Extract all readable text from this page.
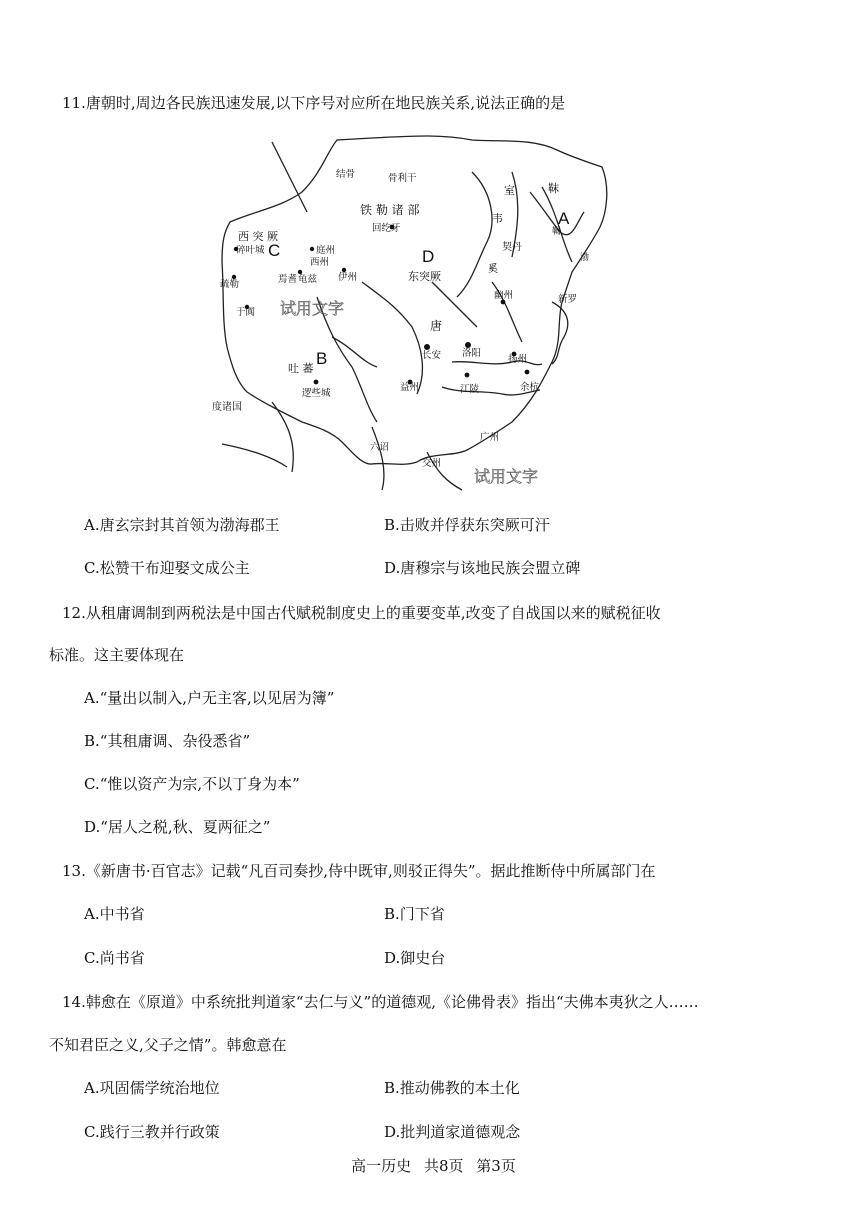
11.唐朝时,周边各民族迅速发展,以下序号对应所在地民族关系,说法正确的是
A
B
C	D
结骨	骨利干
铁 勒 诸 部
回纥牙
室
韦
靺
鞨
西 突 厥
碎叶城	庭州
西州
伊州
龟兹
焉耆
疏勒
于阗
东突厥
奚
契丹
幽州	新罗
唐
长安 洛阳
扬州
江陵	余杭
益州
吐 蕃
逻些城
度诸国
广州
交州
六诏
渤
试用文字
试用文字
A.唐玄宗封其首领为渤海郡王	B.击败并俘获东突厥可汗
C.松赞干布迎娶文成公主	D.唐穆宗与该地民族会盟立碑
12.从租庸调制到两税法是中国古代赋税制度史上的重要变革,改变了自战国以来的赋税征收
标准。这主要体现在
A.“量出以制入,户无主客,以见居为簿”
B.“其租庸调、杂役悉省”
C.“惟以资产为宗,不以丁身为本”
D.“居人之税,秋、夏两征之”
13.《新唐书·百官志》记载“凡百司奏抄,侍中既审,则驳正得失”。据此推断侍中所属部门在
A.中书省	B.门下省
C.尚书省	D.御史台
14.韩愈在《原道》中系统批判道家“去仁与义”的道德观,《论佛骨表》指出“夫佛本夷狄之人……
不知君臣之义,父子之情”。韩愈意在
A.巩固儒学统治地位	B.推动佛教的本土化
C.践行三教并行政策	D.批判道家道德观念
高一历史 共8页 第3页
